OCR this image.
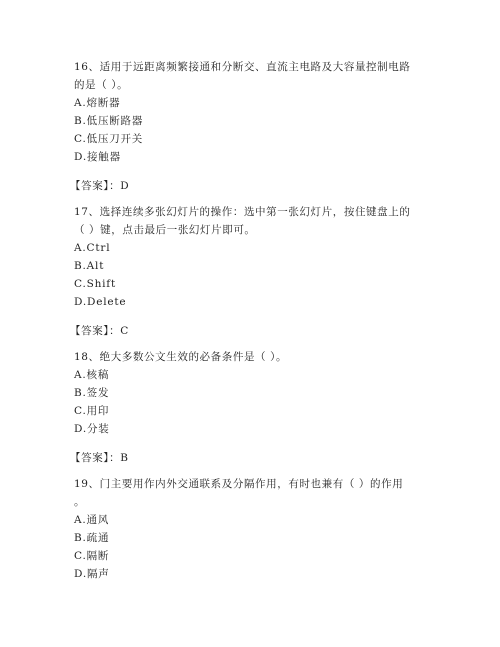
16、适用于远距离频繁接通和分断交、直流主电路及大容量控制电路
的是（ ）。
A.熔断器
B.低压断路器
C.低压刀开关
D.接触器
【答案】：D
17、选择连续多张幻灯片的操作：选中第一张幻灯片，按住键盘上的
（ ）键，点击最后一张幻灯片即可。
A.Ctrl
B.Alt
C.Shift
D.Delete
【答案】：C
18、绝大多数公文生效的必备条件是（ ）。
A.核稿
B.签发
C.用印
D.分装
【答案】：B
19、门主要用作内外交通联系及分隔作用，有时也兼有（ ）的作用
。
A.通风
B.疏通
C.隔断
D.隔声
